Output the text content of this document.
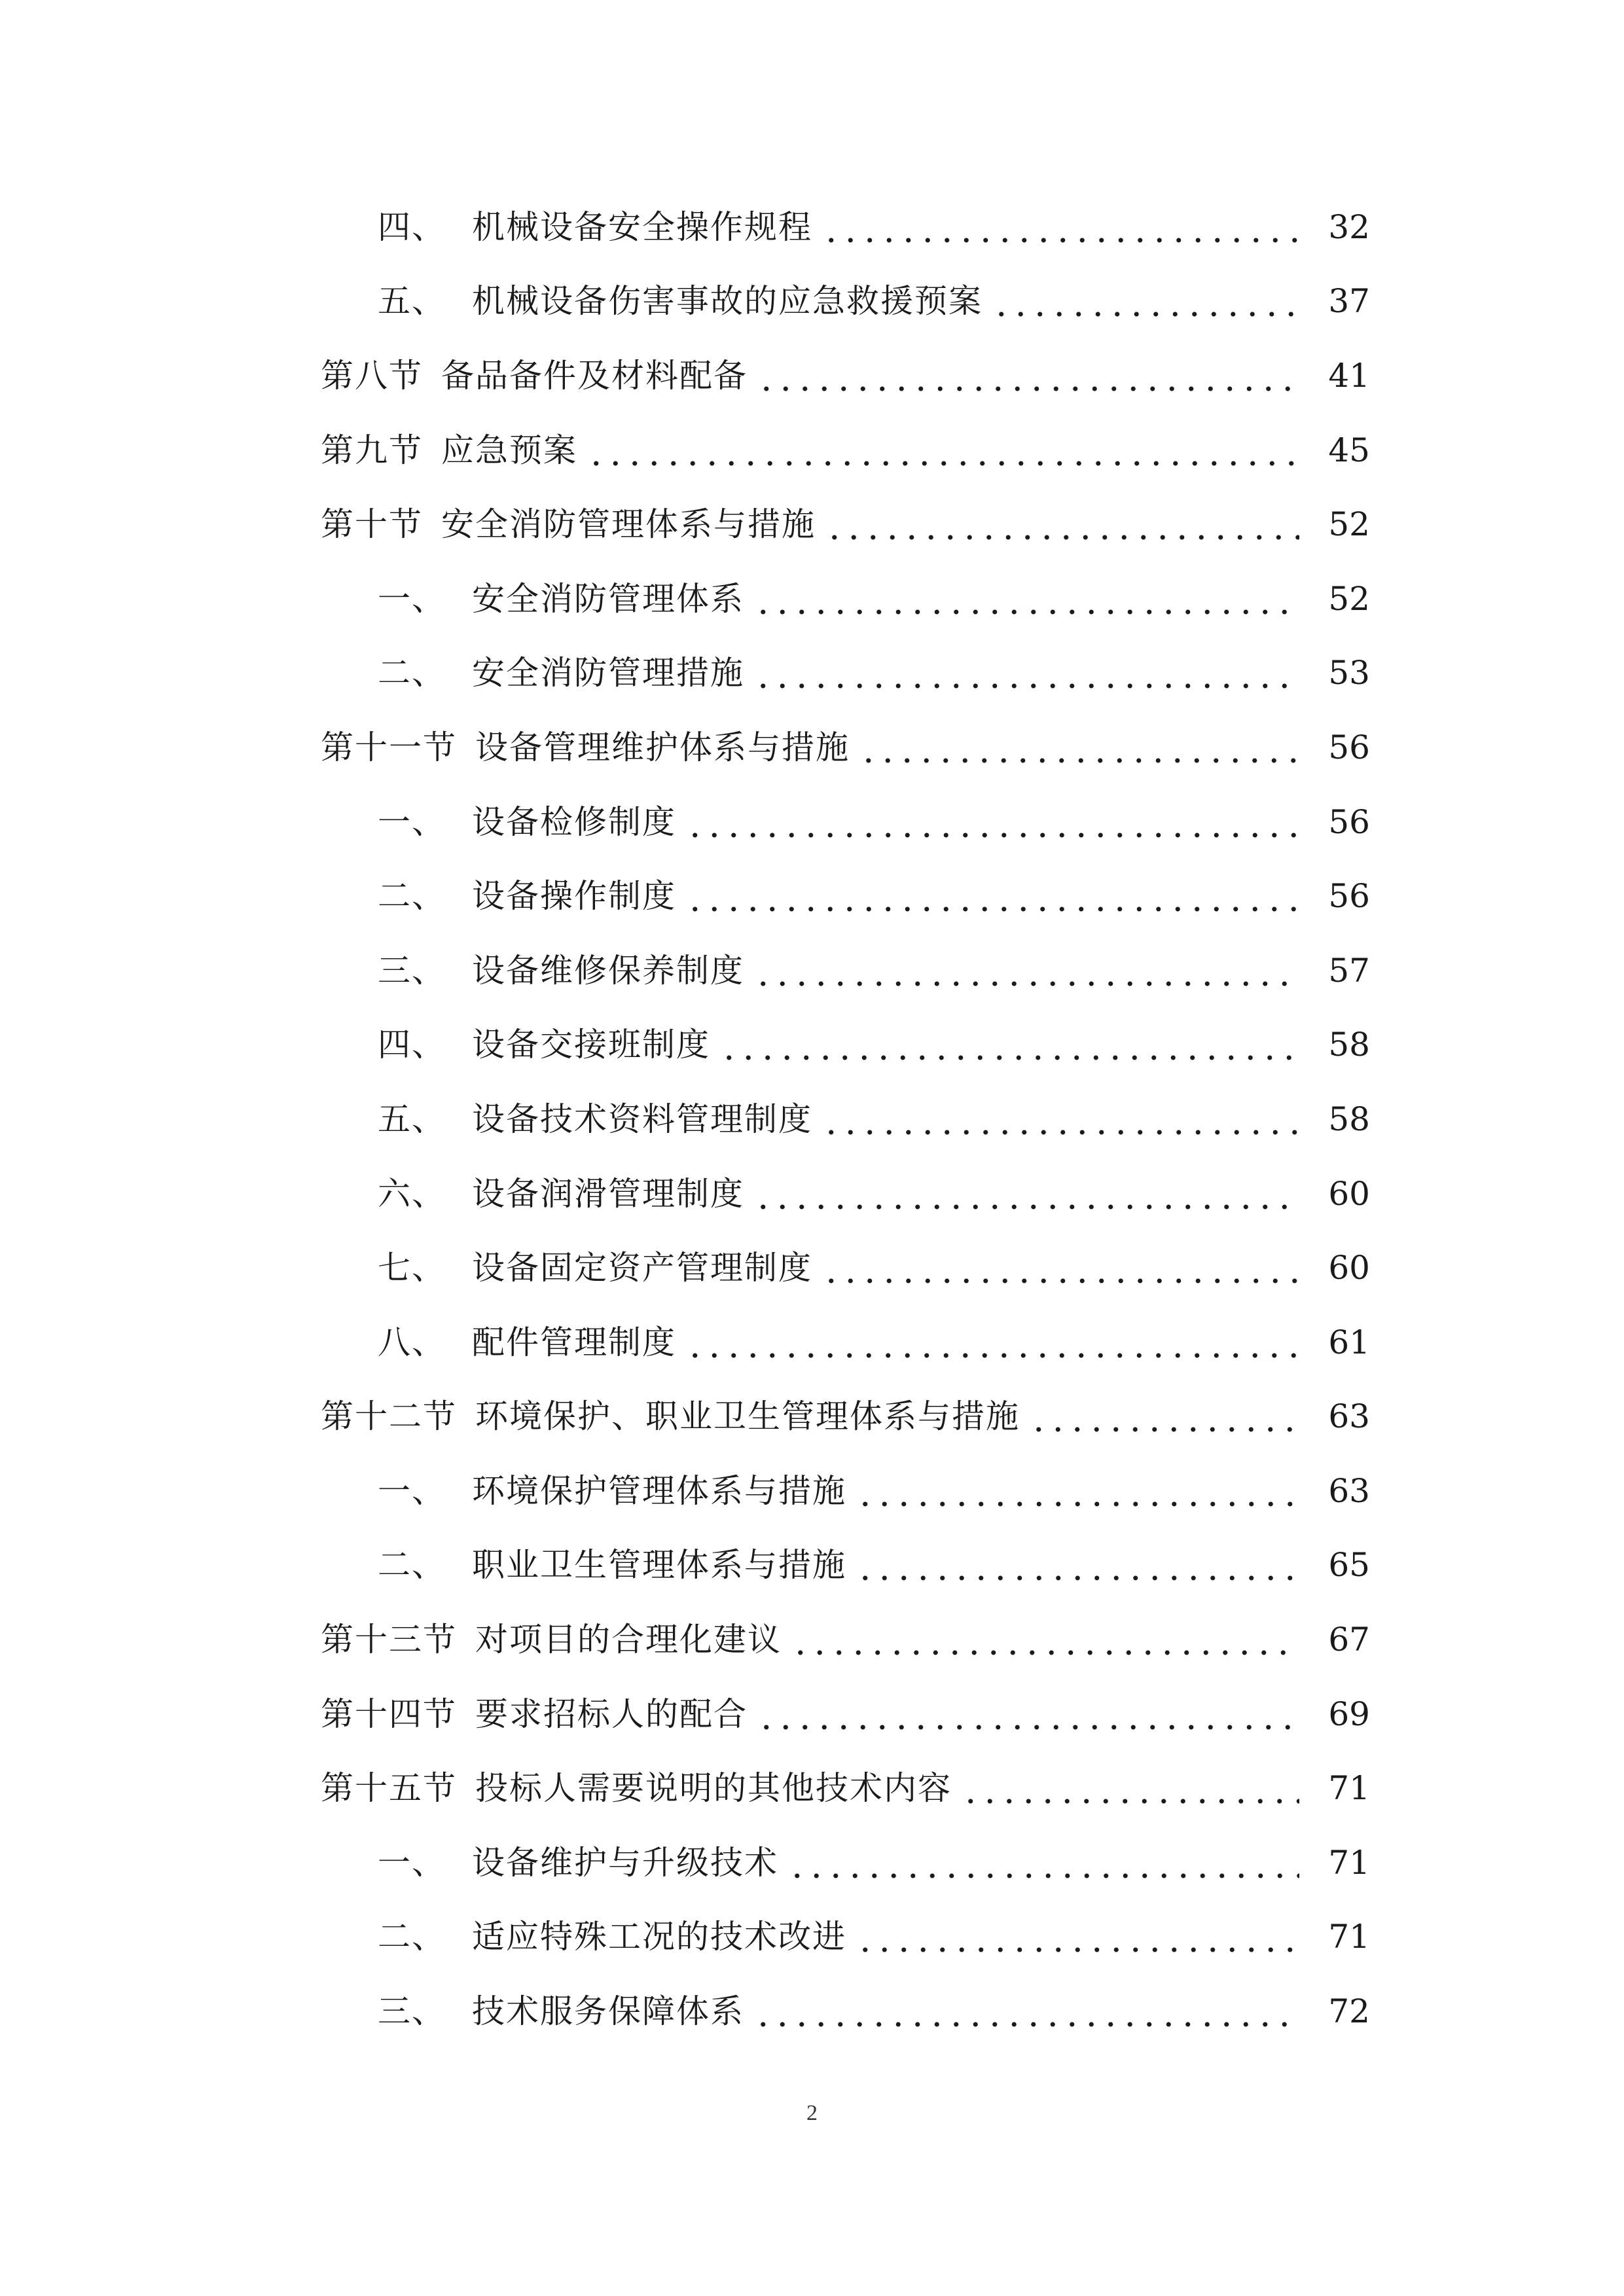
四、 机械设备安全操作规程	32
五、 机械设备伤害事故的应急救援预案	37
第八节 备品备件及材料配备	41
第九节 应急预案	45
第十节 安全消防管理体系与措施	52
一、 安全消防管理体系	52
二、 安全消防管理措施	53
第十一节 设备管理维护体系与措施	56
一、 设备检修制度	56
二、 设备操作制度	56
三、 设备维修保养制度	57
四、 设备交接班制度	58
五、 设备技术资料管理制度	58
六、 设备润滑管理制度	60
七、 设备固定资产管理制度	60
八、 配件管理制度	61
第十二节 环境保护、职业卫生管理体系与措施	63
一、 环境保护管理体系与措施	63
二、 职业卫生管理体系与措施	65
第十三节 对项目的合理化建议	67
第十四节 要求招标人的配合	69
第十五节 投标人需要说明的其他技术内容	71
一、 设备维护与升级技术	71
二、 适应特殊工况的技术改进	71
三、 技术服务保障体系	72
2
